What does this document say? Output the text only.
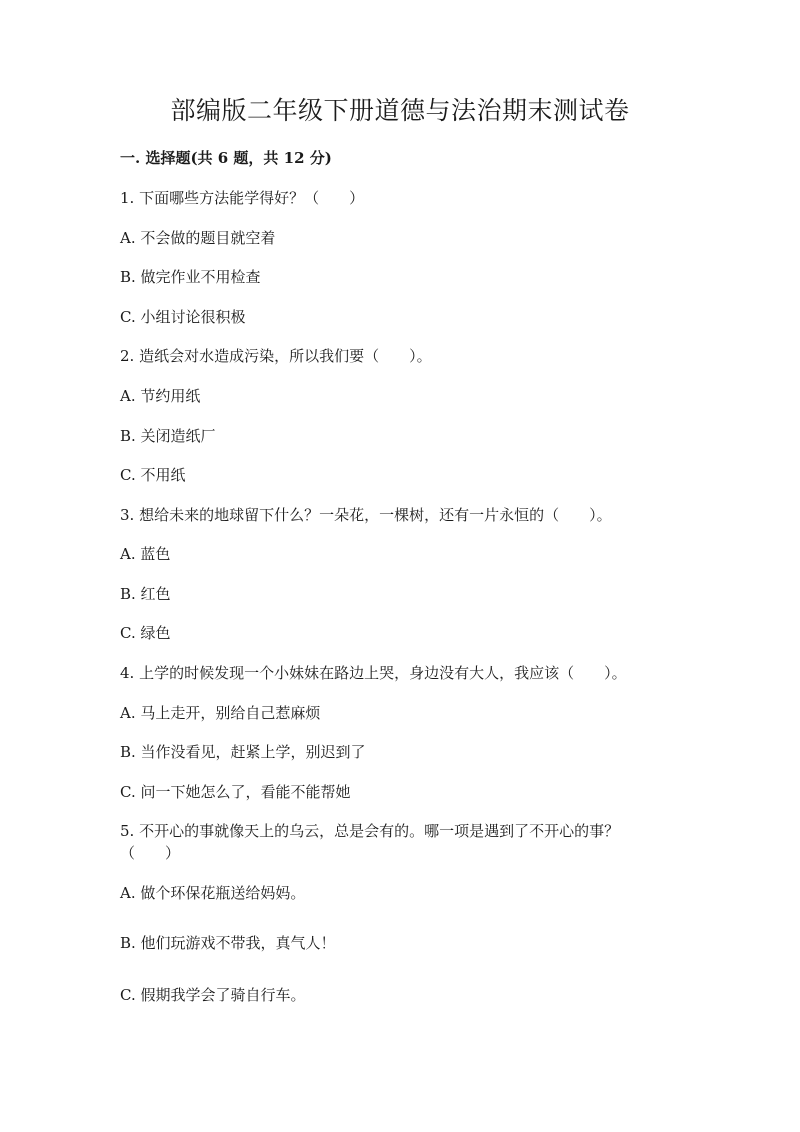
部编版二年级下册道德与法治期末测试卷
一. 选择题(共 6 题，共 12 分)
1. 下面哪些方法能学得好？（　　）
A. 不会做的题目就空着
B. 做完作业不用检查
C. 小组讨论很积极
2. 造纸会对水造成污染，所以我们要（　　）。
A. 节约用纸
B. 关闭造纸厂
C. 不用纸
3. 想给未来的地球留下什么？一朵花，一棵树，还有一片永恒的（　　）。
A. 蓝色
B. 红色
C. 绿色
4. 上学的时候发现一个小妹妹在路边上哭，身边没有大人，我应该（　　）。
A. 马上走开，别给自己惹麻烦
B. 当作没看见，赶紧上学，别迟到了
C. 问一下她怎么了，看能不能帮她
5. 不开心的事就像天上的乌云，总是会有的。哪一项是遇到了不开心的事？
（　　）
A. 做个环保花瓶送给妈妈。
B. 他们玩游戏不带我，真气人！
C. 假期我学会了骑自行车。
